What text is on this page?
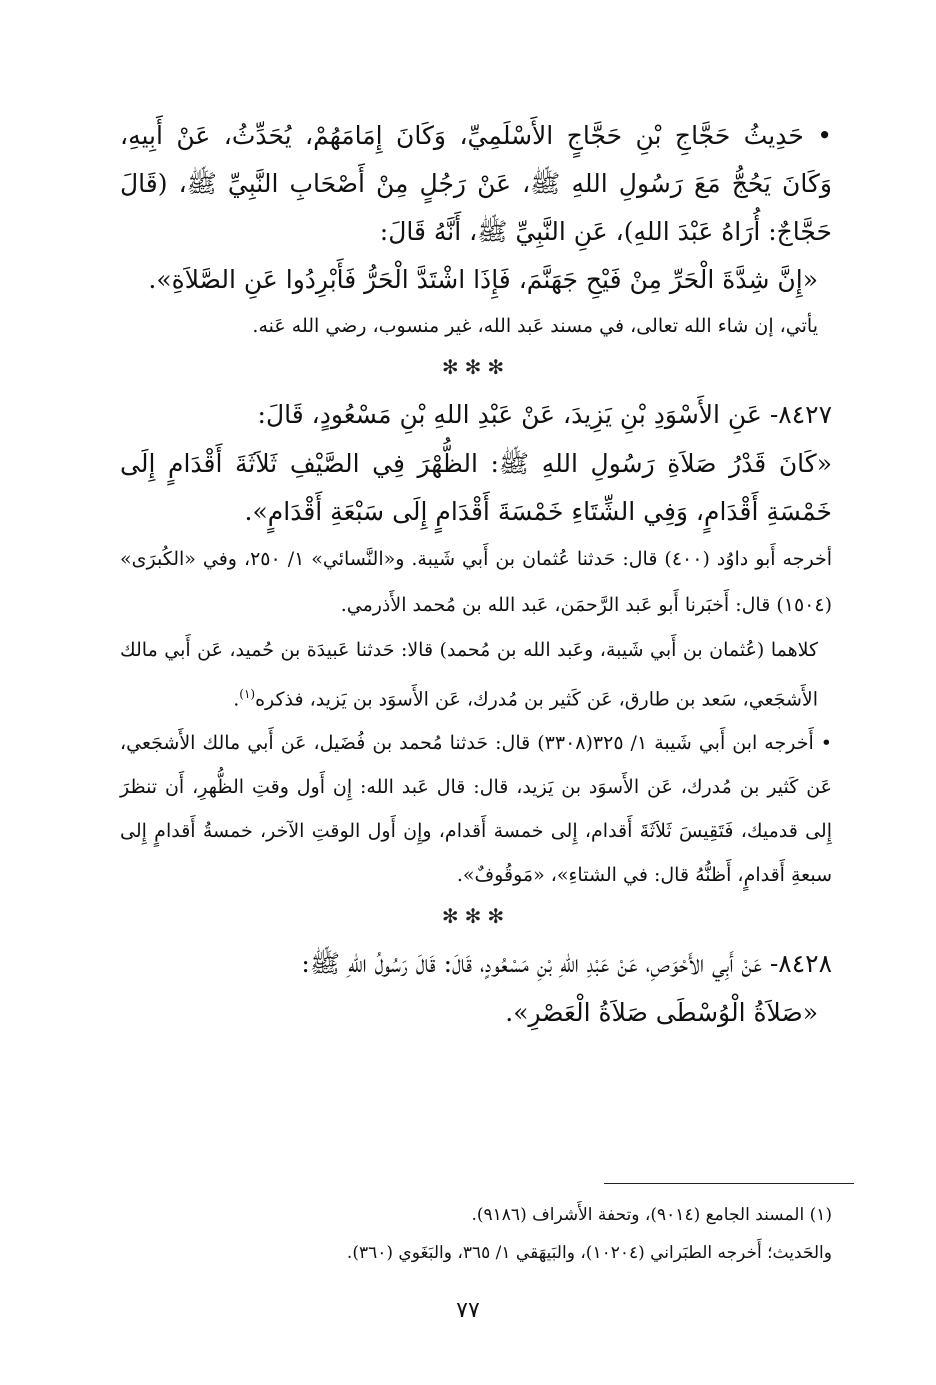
• حَدِيثُ حَجَّاجِ بْنِ حَجَّاجٍ الأَسْلَمِيِّ، وَكَانَ إِمَامَهُمْ، يُحَدِّثُ، عَنْ أَبِيهِ، وَكَانَ يَحُجُّ مَعَ رَسُولِ اللهِ ﷺ، عَنْ رَجُلٍ مِنْ أَصْحَابِ النَّبِيِّ ﷺ، (قَالَ حَجَّاجٌ: أُرَاهُ عَبْدَ اللهِ)، عَنِ النَّبِيِّ ﷺ، أَنَّهُ قَالَ:

«إِنَّ شِدَّةَ الْحَرِّ مِنْ فَيْحِ جَهَنَّمَ، فَإِذَا اشْتَدَّ الْحَرُّ فَأَبْرِدُوا عَنِ الصَّلاَةِ».

يأتي، إن شاء الله تعالى، في مسند عَبد الله، غير منسوب، رضي الله عَنه.

✻✻✻

٨٤٢٧- عَنِ الأَسْوَدِ بْنِ يَزِيدَ، عَنْ عَبْدِ اللهِ بْنِ مَسْعُودٍ، قَالَ:

«كَانَ قَدْرُ صَلاَةِ رَسُولِ اللهِ ﷺ: الظُّهْرَ فِي الصَّيْفِ ثَلاَثَةَ أَقْدَامٍ إِلَى خَمْسَةِ أَقْدَامٍ، وَفِي الشِّتَاءِ خَمْسَةَ أَقْدَامٍ إِلَى سَبْعَةِ أَقْدَامٍ».

أخرجه أَبو داوُد (٤٠٠) قال: حَدثنا عُثمان بن أَبي شَيبة. و«النَّسائي» ١/ ٢٥٠، وفي «الكُبرَى» (١٥٠٤) قال: أَخبَرنا أَبو عَبد الرَّحمَن، عَبد الله بن مُحمد الأَذرمي.

كلاهما (عُثمان بن أَبي شَيبة، وعَبد الله بن مُحمد) قالا: حَدثنا عَبيدَة بن حُميد، عَن أَبي مالك الأَشجَعي، سَعد بن طارق، عَن كَثير بن مُدرك، عَن الأَسوَد بن يَزيد، فذكره$^{(١)}$.

• أَخرجه ابن أَبي شَيبة ١/ ٣٢٥(٣٣٠٨) قال: حَدثنا مُحمد بن فُضَيل، عَن أَبي مالك الأَشجَعي، عَن كَثير بن مُدرك، عَن الأَسوَد بن يَزيد، قال: قال عَبد الله: إِن أَول وقتِ الظُّهرِ، أَن تنظرَ إِلى قدميك، فَتَقِيسَ ثَلاَثَةَ أَقدام، إِلى خمسة أَقدام، وإِن أَول الوقتِ الآخر، خمسةُ أَقدامٍ إِلى سبعةِ أَقدامٍ، أَظنُّهُ قال: في الشتاءِ»، «مَوقُوفٌ».

✻✻✻

٨٤٢٨- عَنْ أَبِي الأَحْوَصِ، عَنْ عَبْدِ اللهِ بْنِ مَسْعُودٍ، قَالَ: قَالَ رَسُولُ اللهِ ﷺ:

«صَلاَةُ الْوُسْطَى صَلاَةُ الْعَصْرِ».

(١) المسند الجامع (٩٠١٤)، وتحفة الأَشراف (٩١٨٦).

والحَديث؛ أَخرجه الطبَراني (١٠٢٠٤)، والبَيهَقي ١/ ٣٦٥، والبَغَوي (٣٦٠).

٧٧
